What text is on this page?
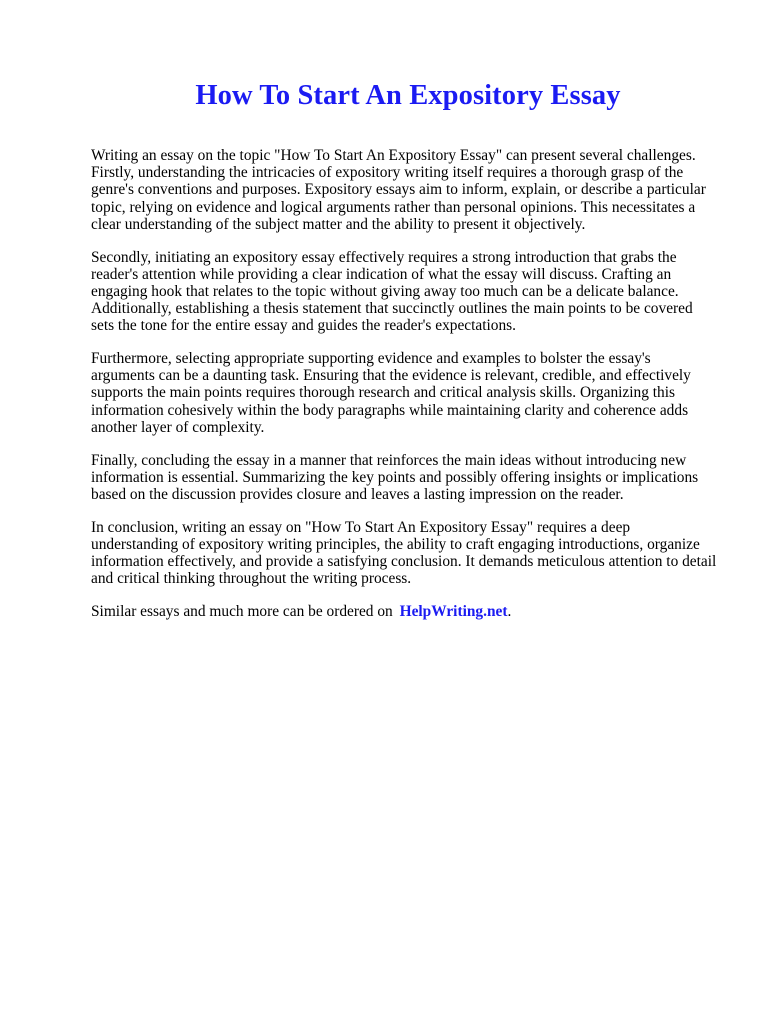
How To Start An Expository Essay

Writing an essay on the topic "How To Start An Expository Essay" can present several challenges.
Firstly, understanding the intricacies of expository writing itself requires a thorough grasp of the
genre's conventions and purposes. Expository essays aim to inform, explain, or describe a particular
topic, relying on evidence and logical arguments rather than personal opinions. This necessitates a
clear understanding of the subject matter and the ability to present it objectively.

Secondly, initiating an expository essay effectively requires a strong introduction that grabs the
reader's attention while providing a clear indication of what the essay will discuss. Crafting an
engaging hook that relates to the topic without giving away too much can be a delicate balance.
Additionally, establishing a thesis statement that succinctly outlines the main points to be covered
sets the tone for the entire essay and guides the reader's expectations.

Furthermore, selecting appropriate supporting evidence and examples to bolster the essay's
arguments can be a daunting task. Ensuring that the evidence is relevant, credible, and effectively
supports the main points requires thorough research and critical analysis skills. Organizing this
information cohesively within the body paragraphs while maintaining clarity and coherence adds
another layer of complexity.

Finally, concluding the essay in a manner that reinforces the main ideas without introducing new
information is essential. Summarizing the key points and possibly offering insights or implications
based on the discussion provides closure and leaves a lasting impression on the reader.

In conclusion, writing an essay on "How To Start An Expository Essay" requires a deep
understanding of expository writing principles, the ability to craft engaging introductions, organize
information effectively, and provide a satisfying conclusion. It demands meticulous attention to detail
and critical thinking throughout the writing process.

Similar essays and much more can be ordered on HelpWriting.net.
